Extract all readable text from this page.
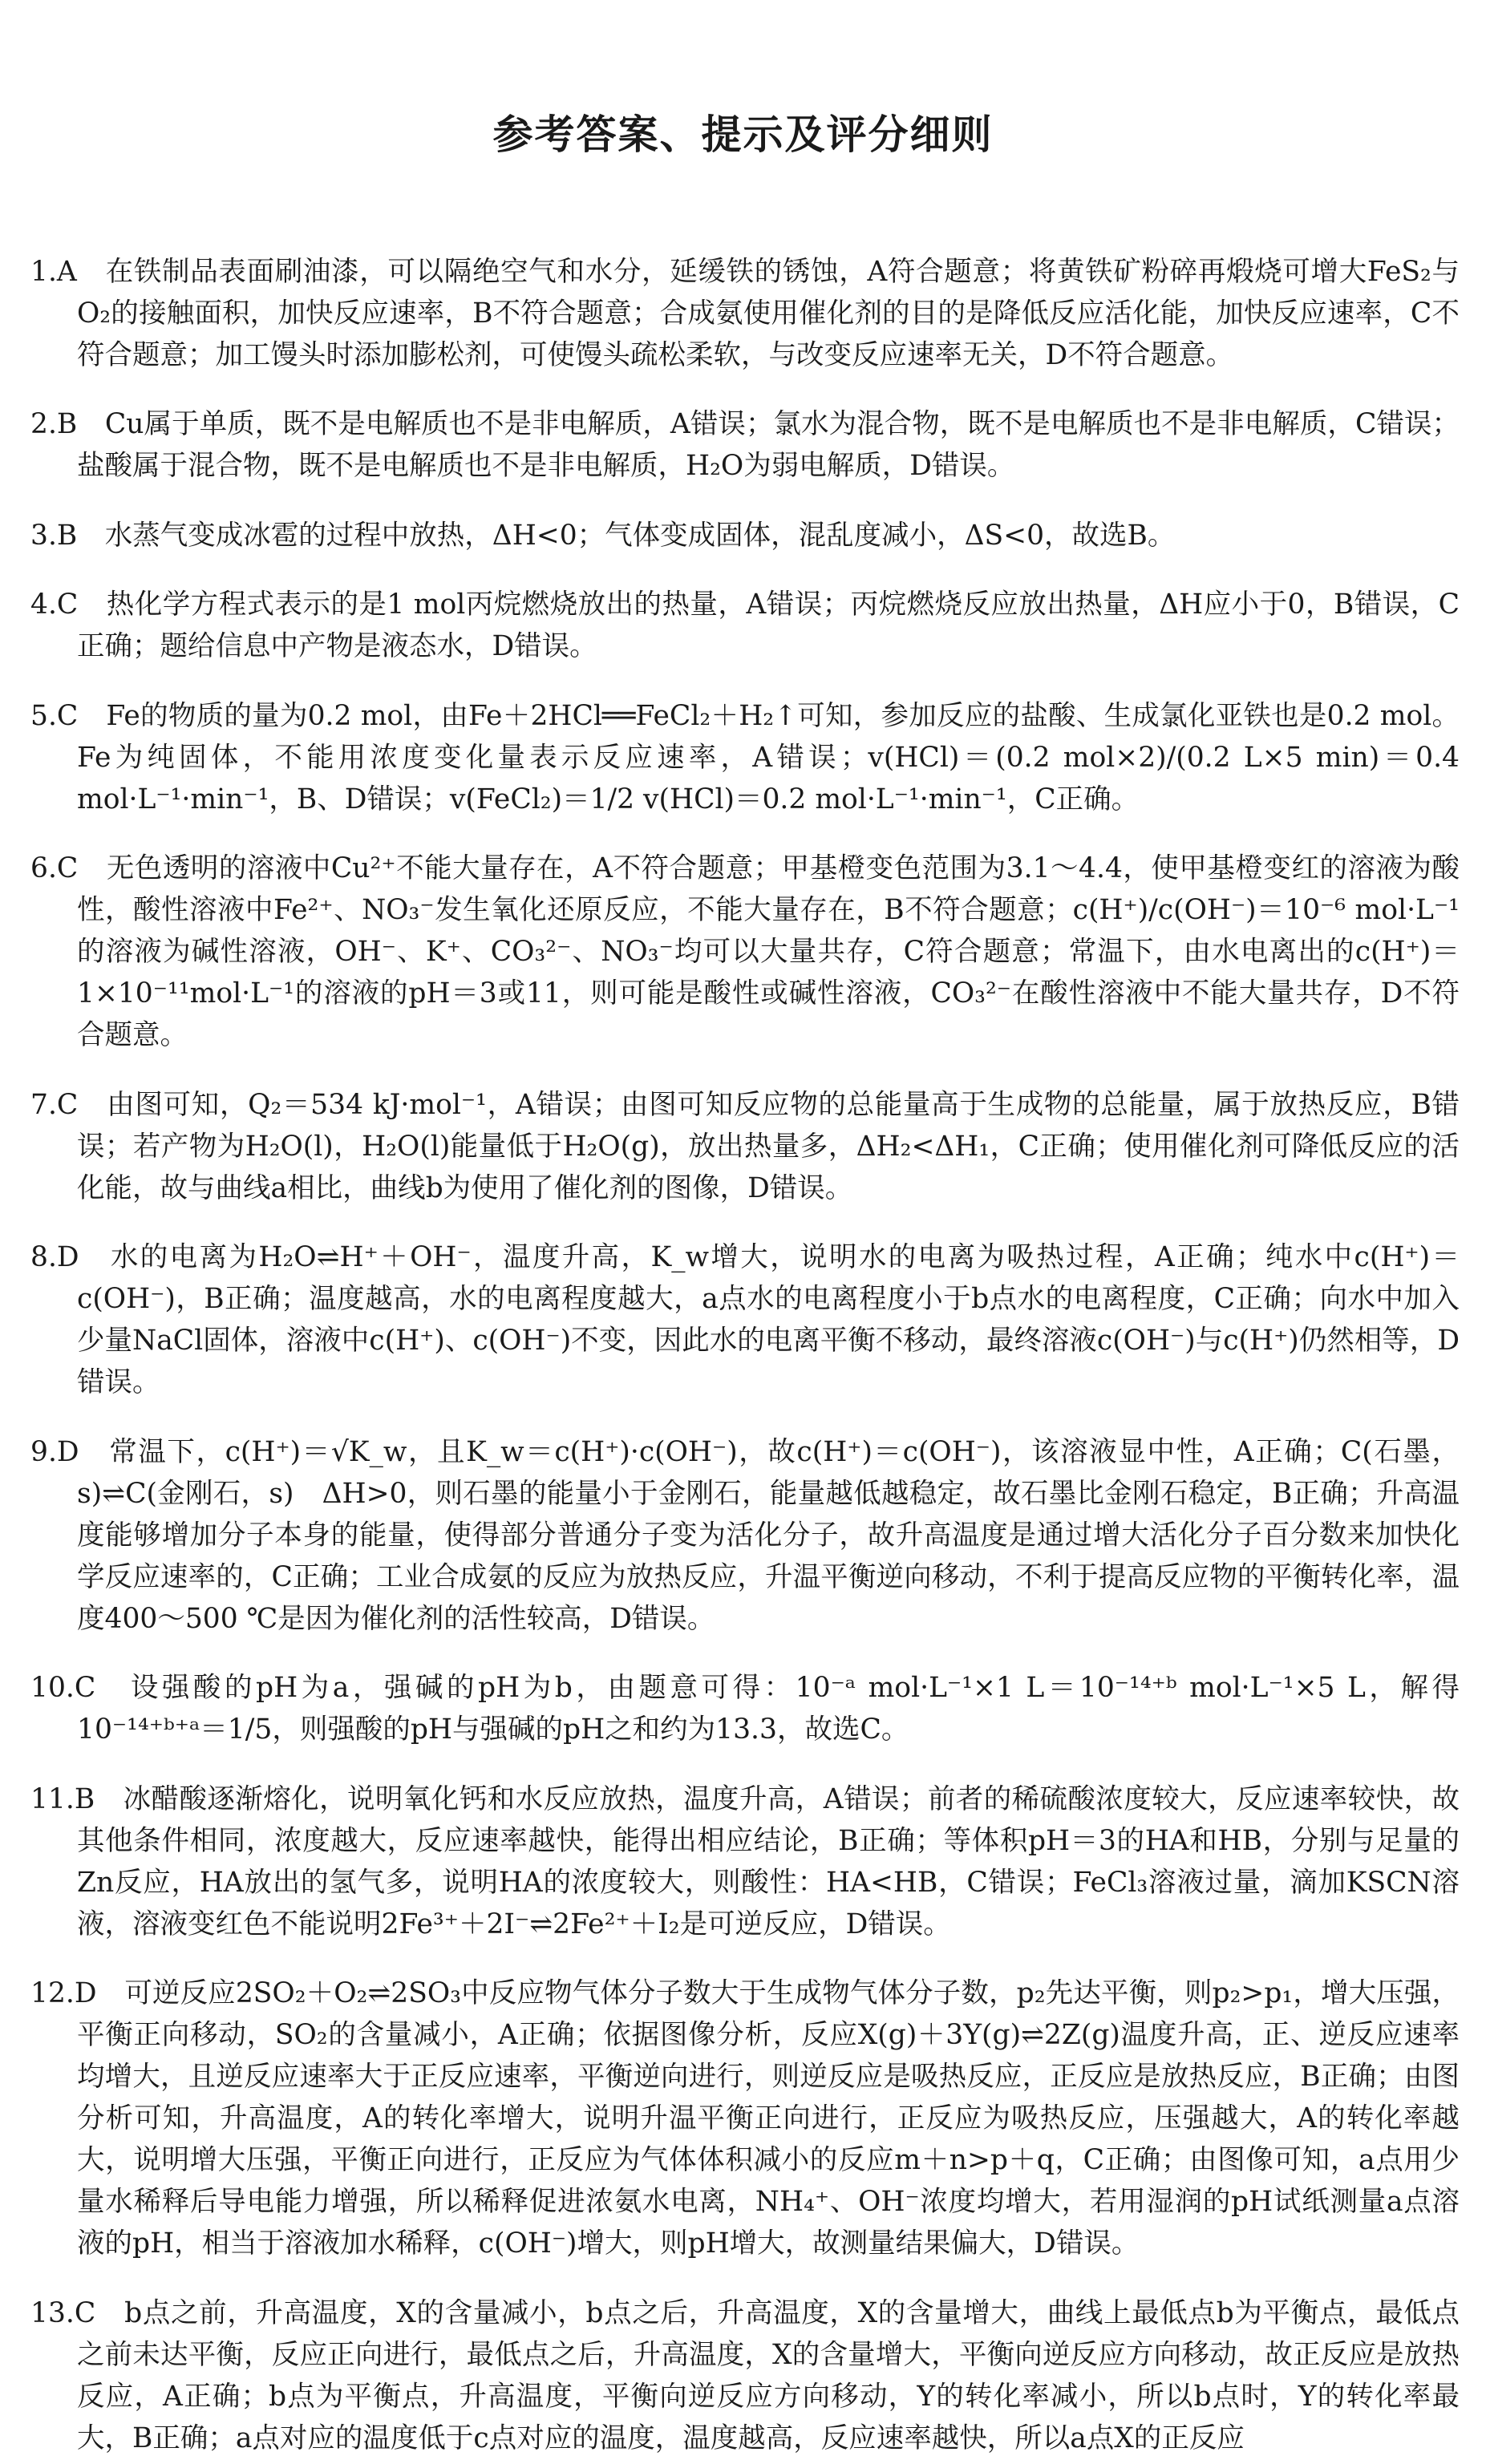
参考答案、提示及评分细则

1.A　 在铁制品表面刷油漆，可以隔绝空气和水分，延缓铁的锈蚀，A符合题意；将黄铁矿粉碎再煅烧可增大FeS₂与O₂的接触面积，加快反应速率，B不符合题意；合成氨使用催化剂的目的是降低反应活化能，加快反应速率，C不符合题意；加工馒头时添加膨松剂，可使馒头疏松柔软，与改变反应速率无关，D不符合题意。

2.B　 Cu属于单质，既不是电解质也不是非电解质，A错误；氯水为混合物，既不是电解质也不是非电解质，C错误；盐酸属于混合物，既不是电解质也不是非电解质，H₂O为弱电解质，D错误。

3.B　 水蒸气变成冰雹的过程中放热，ΔH<0；气体变成固体，混乱度减小，ΔS<0，故选B。

4.C　 热化学方程式表示的是1 mol丙烷燃烧放出的热量，A错误；丙烷燃烧反应放出热量，ΔH应小于0，B错误，C正确；题给信息中产物是液态水，D错误。

5.C　 Fe的物质的量为0.2 mol，由Fe＋2HCl══FeCl₂＋H₂↑可知，参加反应的盐酸、生成氯化亚铁也是0.2 mol。Fe为纯固体，不能用浓度变化量表示反应速率，A错误；v(HCl)＝(0.2 mol×2)/(0.2 L×5 min)＝0.4 mol·L⁻¹·min⁻¹，B、D错误；v(FeCl₂)＝1/2 v(HCl)＝0.2 mol·L⁻¹·min⁻¹，C正确。

6.C　 无色透明的溶液中Cu²⁺不能大量存在，A不符合题意；甲基橙变色范围为3.1～4.4，使甲基橙变红的溶液为酸性，酸性溶液中Fe²⁺、NO₃⁻发生氧化还原反应，不能大量存在，B不符合题意；c(H⁺)/c(OH⁻)＝10⁻⁶ mol·L⁻¹的溶液为碱性溶液，OH⁻、K⁺、CO₃²⁻、NO₃⁻均可以大量共存，C符合题意；常温下，由水电离出的c(H⁺)＝1×10⁻¹¹mol·L⁻¹的溶液的pH＝3或11，则可能是酸性或碱性溶液，CO₃²⁻在酸性溶液中不能大量共存，D不符合题意。

7.C　 由图可知，Q₂＝534 kJ·mol⁻¹，A错误；由图可知反应物的总能量高于生成物的总能量，属于放热反应，B错误；若产物为H₂O(l)，H₂O(l)能量低于H₂O(g)，放出热量多，ΔH₂<ΔH₁，C正确；使用催化剂可降低反应的活化能，故与曲线a相比，曲线b为使用了催化剂的图像，D错误。

8.D　 水的电离为H₂O⇌H⁺＋OH⁻，温度升高，K_w增大，说明水的电离为吸热过程，A正确；纯水中c(H⁺)＝c(OH⁻)，B正确；温度越高，水的电离程度越大，a点水的电离程度小于b点水的电离程度，C正确；向水中加入少量NaCl固体，溶液中c(H⁺)、c(OH⁻)不变，因此水的电离平衡不移动，最终溶液c(OH⁻)与c(H⁺)仍然相等，D错误。

9.D　 常温下，c(H⁺)＝√K_w，且K_w＝c(H⁺)·c(OH⁻)，故c(H⁺)＝c(OH⁻)，该溶液显中性，A正确；C(石墨，s)⇌C(金刚石，s)　ΔH>0，则石墨的能量小于金刚石，能量越低越稳定，故石墨比金刚石稳定，B正确；升高温度能够增加分子本身的能量，使得部分普通分子变为活化分子，故升高温度是通过增大活化分子百分数来加快化学反应速率的，C正确；工业合成氨的反应为放热反应，升温平衡逆向移动，不利于提高反应物的平衡转化率，温度400～500 ℃是因为催化剂的活性较高，D错误。

10.C　 设强酸的pH为a，强碱的pH为b，由题意可得：10⁻ᵃ mol·L⁻¹×1 L＝10⁻¹⁴⁺ᵇ mol·L⁻¹×5 L，解得10⁻¹⁴⁺ᵇ⁺ᵃ＝1/5，则强酸的pH与强碱的pH之和约为13.3，故选C。

11.B　 冰醋酸逐渐熔化，说明氧化钙和水反应放热，温度升高，A错误；前者的稀硫酸浓度较大，反应速率较快，故其他条件相同，浓度越大，反应速率越快，能得出相应结论，B正确；等体积pH＝3的HA和HB，分别与足量的Zn反应，HA放出的氢气多，说明HA的浓度较大，则酸性：HA<HB，C错误；FeCl₃溶液过量，滴加KSCN溶液，溶液变红色不能说明2Fe³⁺＋2I⁻⇌2Fe²⁺＋I₂是可逆反应，D错误。

12.D　 可逆反应2SO₂＋O₂⇌2SO₃中反应物气体分子数大于生成物气体分子数，p₂先达平衡，则p₂>p₁，增大压强，平衡正向移动，SO₂的含量减小，A正确；依据图像分析，反应X(g)＋3Y(g)⇌2Z(g)温度升高，正、逆反应速率均增大，且逆反应速率大于正反应速率，平衡逆向进行，则逆反应是吸热反应，正反应是放热反应，B正确；由图分析可知，升高温度，A的转化率增大，说明升温平衡正向进行，正反应为吸热反应，压强越大，A的转化率越大，说明增大压强，平衡正向进行，正反应为气体体积减小的反应m＋n>p＋q，C正确；由图像可知，a点用少量水稀释后导电能力增强，所以稀释促进浓氨水电离，NH₄⁺、OH⁻浓度均增大，若用湿润的pH试纸测量a点溶液的pH，相当于溶液加水稀释，c(OH⁻)增大，则pH增大，故测量结果偏大，D错误。

13.C　 b点之前，升高温度，X的含量减小，b点之后，升高温度，X的含量增大，曲线上最低点b为平衡点，最低点之前未达平衡，反应正向进行，最低点之后，升高温度，X的含量增大，平衡向逆反应方向移动，故正反应是放热反应，A正确；b点为平衡点，升高温度，平衡向逆反应方向移动，Y的转化率减小，所以b点时，Y的转化率最大，B正确；a点对应的温度低于c点对应的温度，温度越高，反应速率越快，所以a点X的正反应
